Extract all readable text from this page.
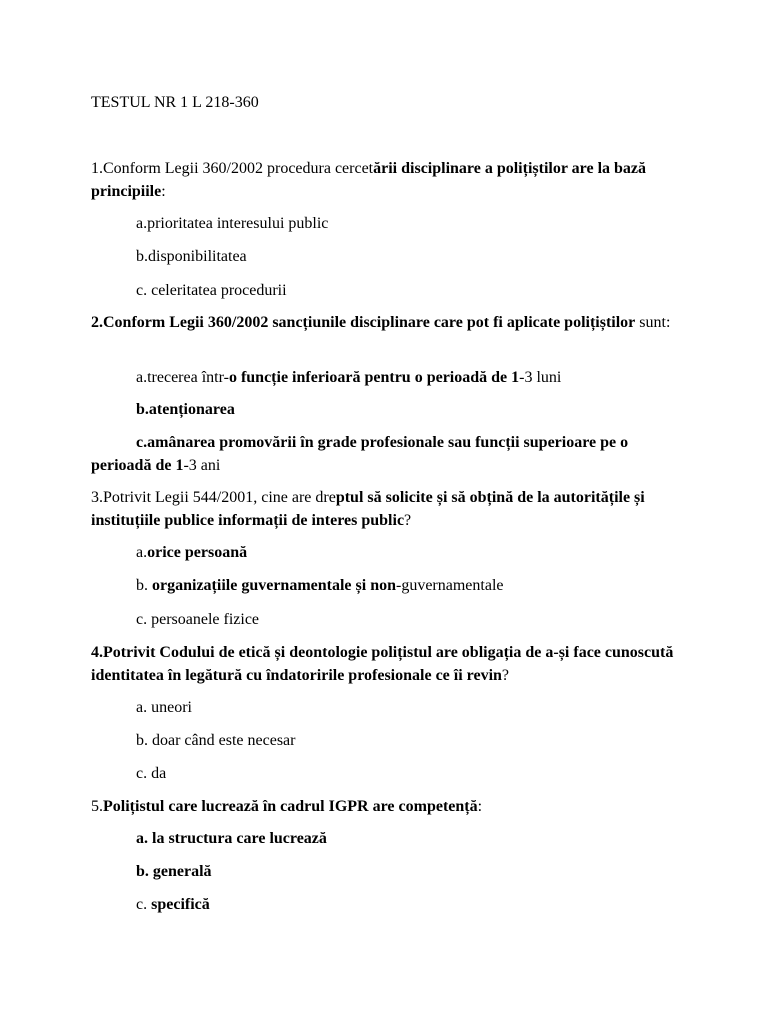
TESTUL NR 1 L 218-360
1.Conform Legii 360/2002 procedura cercetării disciplinare a polițiștilor are la bază principiile:
a.prioritatea interesului public
b.disponibilitatea
c. celeritatea procedurii
2.Conform Legii 360/2002 sancțiunile disciplinare care pot fi aplicate polițiștilor sunt:
a.trecerea într-o funcție inferioară pentru o perioadă de 1-3 luni
b.atenționarea
c.amânarea promovării în grade profesionale sau funcții superioare pe o perioadă de 1-3 ani
3.Potrivit Legii 544/2001, cine are dreptul să solicite și să obțină de la autoritățile și instituțiile publice informații de interes public?
a.orice persoană
b. organizațiile guvernamentale și non-guvernamentale
c. persoanele fizice
4.Potrivit Codului de etică și deontologie polițistul are obligația de a-și face cunoscută identitatea în legătură cu îndatoririle profesionale ce îi revin?
a. uneori
b. doar când este necesar
c. da
5.Polițistul care lucrează în cadrul IGPR are competență:
a. la structura care lucrează
b. generală
c. specifică
